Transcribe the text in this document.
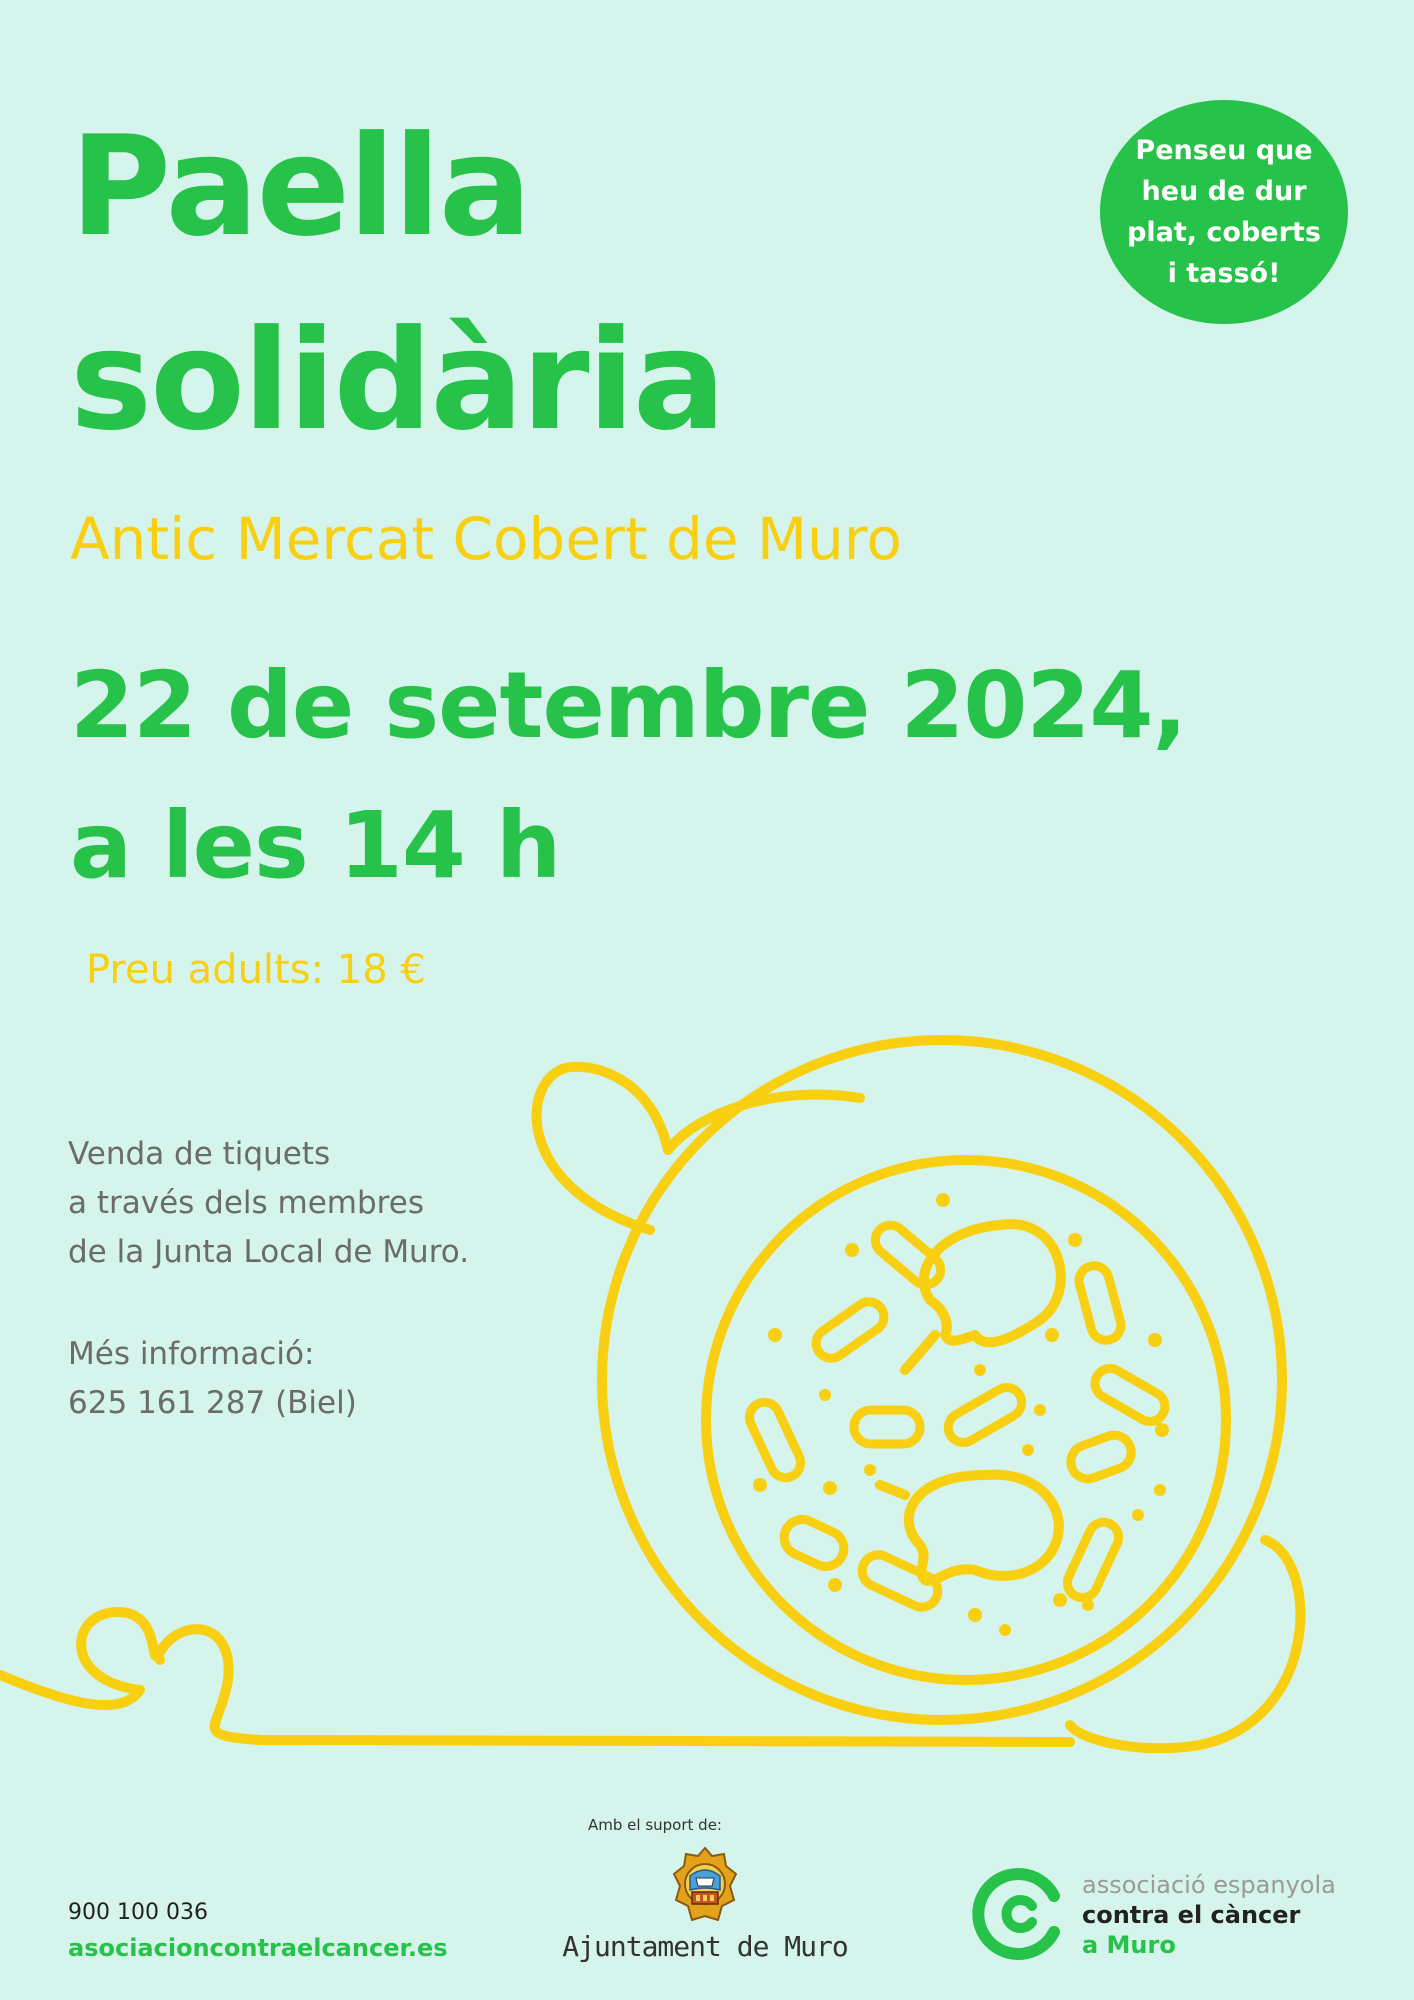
Paella
solidària
Antic Mercat Cobert de Muro
22 de setembre 2024,
a les 14 h
Preu adults: 18 €
Penseu que
heu de dur
plat, coberts
i tassó!
Venda de tiquets
a través dels membres
de la Junta Local de Muro.
Més informació:
625 161 287 (Biel)
Amb el suport de:
Ajuntament de Muro
900 100 036
asociacioncontraelcancer.es
associació espanyola
contra el càncer
a Muro
